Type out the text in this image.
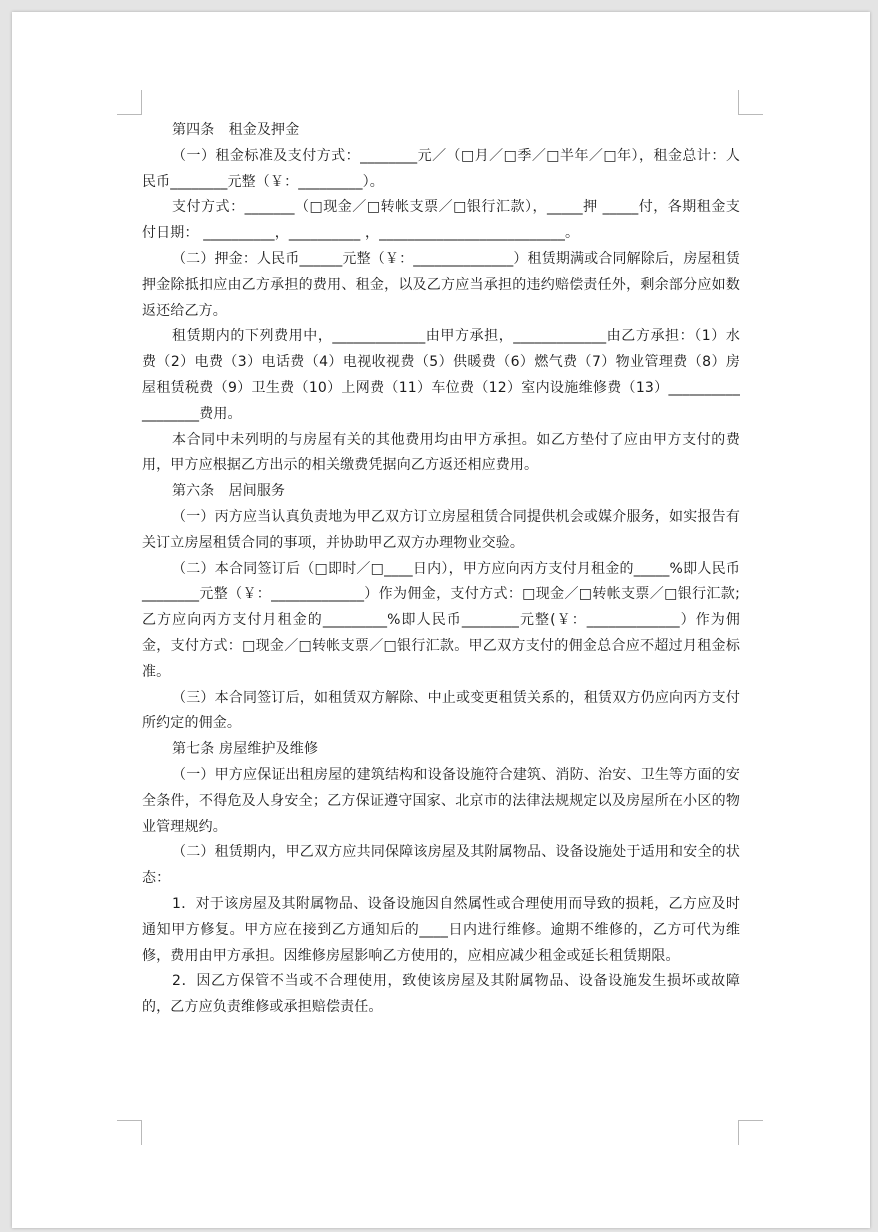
第四条　租金及押金

（一）租金标准及支付方式：________元／（□月／□季／□半年／□年），租金总计：人民币________元整（￥：_________）。

支付方式：_______（□现金／□转帐支票／□银行汇款），_____押 _____付，各期租金支付日期： __________，__________ ，__________________________。

（二）押金：人民币______元整（￥：______________）租赁期满或合同解除后，房屋租赁押金除抵扣应由乙方承担的费用、租金，以及乙方应当承担的违约赔偿责任外，剩余部分应如数返还给乙方。

租赁期内的下列费用中，_____________由甲方承担，_____________由乙方承担：（1）水费（2）电费（3）电话费（4）电视收视费（5）供暖费（6）燃气费（7）物业管理费（8）房屋租赁税费（9）卫生费（10）上网费（11）车位费（12）室内设施维修费（13）__________________费用。

本合同中未列明的与房屋有关的其他费用均由甲方承担。如乙方垫付了应由甲方支付的费用，甲方应根据乙方出示的相关缴费凭据向乙方返还相应费用。

第六条　居间服务

（一）丙方应当认真负责地为甲乙双方订立房屋租赁合同提供机会或媒介服务，如实报告有关订立房屋租赁合同的事项，并协助甲乙双方办理物业交验。

（二）本合同签订后（□即时／□____日内），甲方应向丙方支付月租金的_____%即人民币________元整（￥：_____________）作为佣金，支付方式：□现金／□转帐支票／□银行汇款;乙方应向丙方支付月租金的_________%即人民币________元整(￥：_____________）作为佣金，支付方式：□现金／□转帐支票／□银行汇款。甲乙双方支付的佣金总合应不超过月租金标准。

（三）本合同签订后，如租赁双方解除、中止或变更租赁关系的，租赁双方仍应向丙方支付所约定的佣金。

第七条 房屋维护及维修

（一）甲方应保证出租房屋的建筑结构和设备设施符合建筑、消防、治安、卫生等方面的安全条件，不得危及人身安全；乙方保证遵守国家、北京市的法律法规规定以及房屋所在小区的物业管理规约。

（二）租赁期内，甲乙双方应共同保障该房屋及其附属物品、设备设施处于适用和安全的状态：

1．对于该房屋及其附属物品、设备设施因自然属性或合理使用而导致的损耗，乙方应及时通知甲方修复。甲方应在接到乙方通知后的____日内进行维修。逾期不维修的，乙方可代为维修，费用由甲方承担。因维修房屋影响乙方使用的，应相应减少租金或延长租赁期限。

2．因乙方保管不当或不合理使用，致使该房屋及其附属物品、设备设施发生损坏或故障的，乙方应负责维修或承担赔偿责任。
